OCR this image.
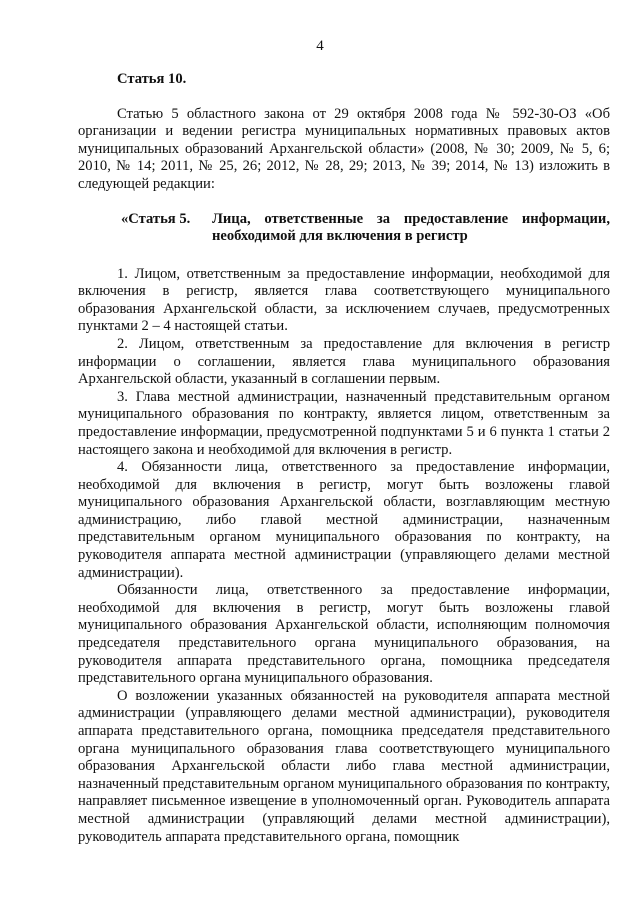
4
Статья 10.

Статью 5 областного закона от 29 октября 2008 года № 592-30-ОЗ «Об организации и ведении регистра муниципальных нормативных правовых актов муниципальных образований Архангельской области» (2008, № 30; 2009, № 5, 6; 2010, № 14; 2011, № 25, 26; 2012, № 28, 29; 2013, № 39; 2014, № 13) изложить в следующей редакции:

«Статья 5. Лица, ответственные за предоставление информации,
необходимой для включения в регистр

1. Лицом, ответственным за предоставление информации, необходимой для включения в регистр, является глава соответствующего муниципального образования Архангельской области, за исключением случаев, предусмотренных пунктами 2 – 4 настоящей статьи.

2. Лицом, ответственным за предоставление для включения в регистр информации о соглашении, является глава муниципального образования Архангельской области, указанный в соглашении первым.

3. Глава местной администрации, назначенный представительным органом муниципального образования по контракту, является лицом, ответственным за предоставление информации, предусмотренной подпунктами 5 и 6 пункта 1 статьи 2 настоящего закона и необходимой для включения в регистр.

4. Обязанности лица, ответственного за предоставление информации, необходимой для включения в регистр, могут быть возложены главой муниципального образования Архангельской области, возглавляющим местную администрацию, либо главой местной администрации, назначенным представительным органом муниципального образования по контракту, на руководителя аппарата местной администрации (управляющего делами местной администрации).

Обязанности лица, ответственного за предоставление информации, необходимой для включения в регистр, могут быть возложены главой муниципального образования Архангельской области, исполняющим полномочия председателя представительного органа муниципального образования, на руководителя аппарата представительного органа, помощника председателя представительного органа муниципального образования.

О возложении указанных обязанностей на руководителя аппарата местной администрации (управляющего делами местной администрации), руководителя аппарата представительного органа, помощника председателя представительного органа муниципального образования глава соответствующего муниципального образования Архангельской области либо глава местной администрации, назначенный представительным органом муниципального образования по контракту, направляет письменное извещение в уполномоченный орган. Руководитель аппарата местной администрации (управляющий делами местной администрации), руководитель аппарата представительного органа, помощник
